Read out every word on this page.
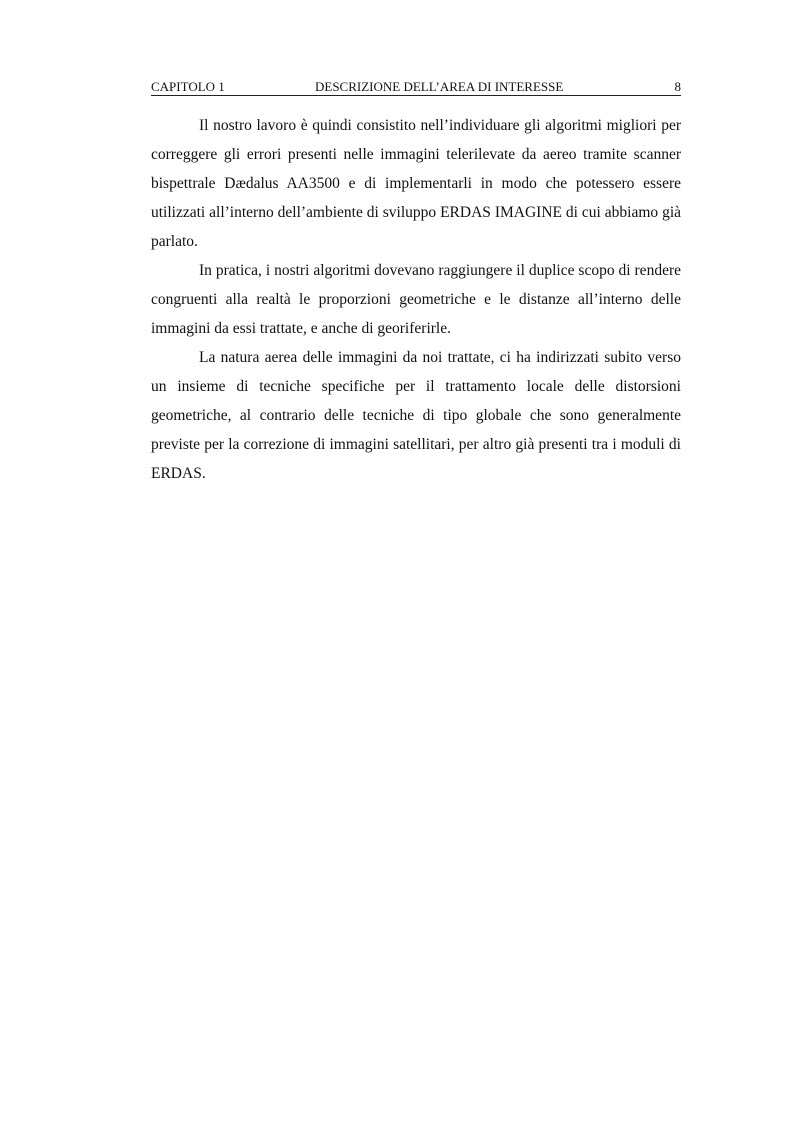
CAPITOLO 1	DESCRIZIONE DELL’AREA DI INTERESSE	8

Il nostro lavoro è quindi consistito nell’individuare gli algoritmi migliori per correggere gli errori presenti nelle immagini telerilevate da aereo tramite scanner bispettrale Dædalus AA3500 e di implementarli in modo che potessero essere utilizzati all’interno dell’ambiente di sviluppo ERDAS IMAGINE di cui abbiamo già parlato.

In pratica, i nostri algoritmi dovevano raggiungere il duplice scopo di rendere congruenti alla realtà le proporzioni geometriche e le distanze all’interno delle immagini da essi trattate, e anche di georiferirle.

La natura aerea delle immagini da noi trattate, ci ha indirizzati subito verso un insieme di tecniche specifiche per il trattamento locale delle distorsioni geometriche, al contrario delle tecniche di tipo globale che sono generalmente previste per la correzione di immagini satellitari, per altro già presenti tra i moduli di ERDAS.
